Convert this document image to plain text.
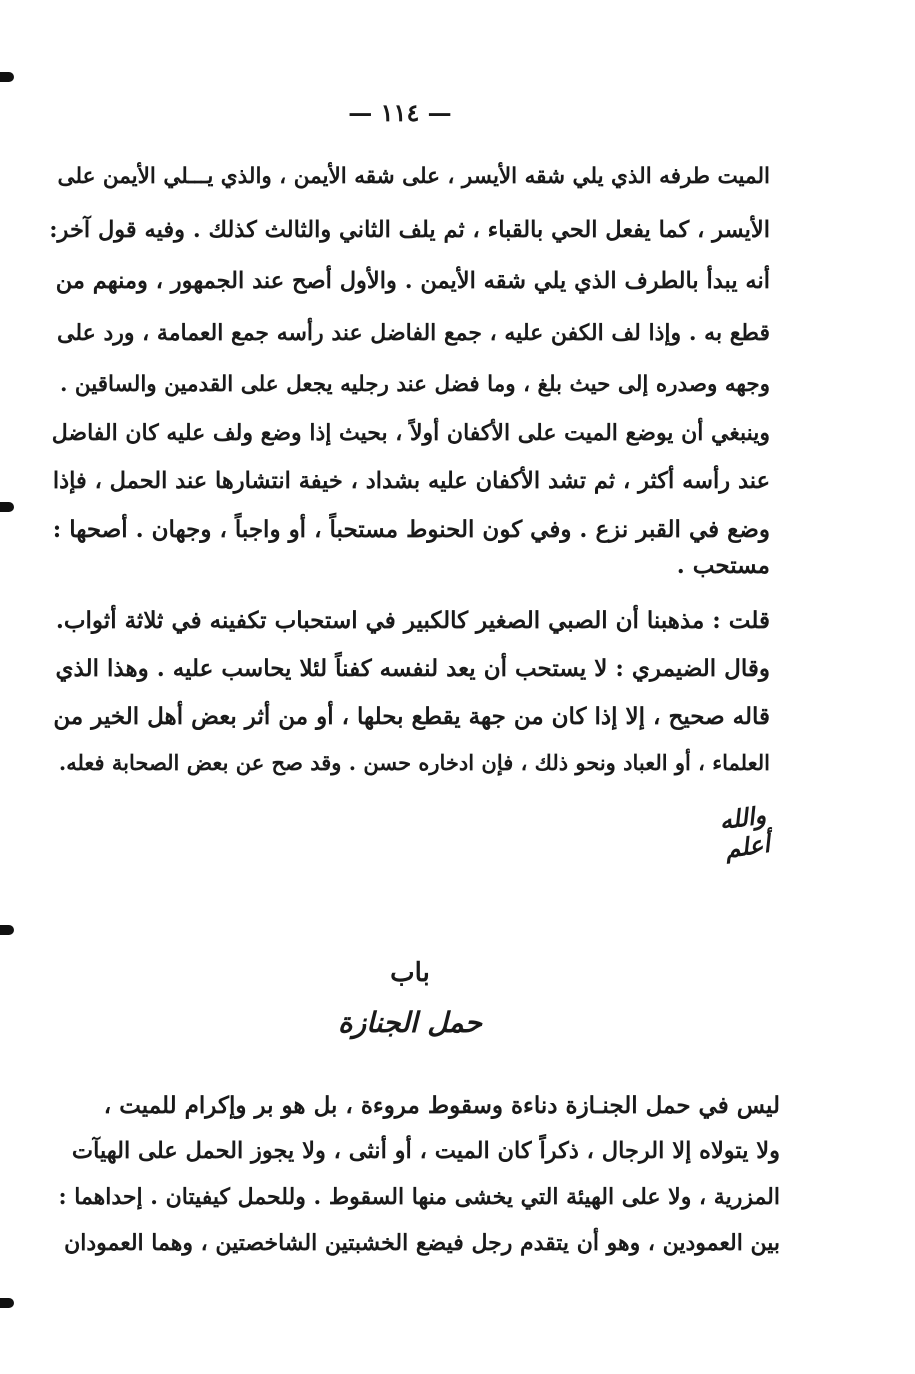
— ١١٤ —
الميت طرفه الذي يلي شقه الأيسر ، على شقه الأيمن ، والذي يـــلي الأيمن على
الأيسر ، كما يفعل الحي بالقباء ، ثم يلف الثاني والثالث كذلك . وفيه قول آخر:
أنه يبدأ بالطرف الذي يلي شقه الأيمن . والأول أصح عند الجمهور ، ومنهم من
قطع به . وإذا لف الكفن عليه ، جمع الفاضل عند رأسه جمع العمامة ، ورد على
وجهه وصدره إلى حيث بلغ ، وما فضل عند رجليه يجعل على القدمين والساقين .
وينبغي أن يوضع الميت على الأكفان أولاً ، بحيث إذا وضع ولف عليه كان الفاضل
عند رأسه أكثر ، ثم تشد الأكفان عليه بشداد ، خيفة انتشارها عند الحمل ، فإذا
وضع في القبر نزع . وفي كون الحنوط مستحباً ، أو واجباً ، وجهان . أصحها :
مستحب .
قلت : مذهبنا أن الصبي الصغير كالكبير في استحباب تكفينه في ثلاثة أثواب.
وقال الضيمري : لا يستحب أن يعد لنفسه كفناً لئلا يحاسب عليه . وهذا الذي
قاله صحيح ، إلا إذا كان من جهة يقطع بحلها ، أو من أثر بعض أهل الخير من
العلماء ، أو العباد ونحو ذلك ، فإن ادخاره حسن . وقد صح عن بعض الصحابة فعله.
والله أعلم
باب
حمل الجنازة
ليس في حمل الجنـازة دناءة وسقوط مروءة ، بل هو بر وإكرام للميت ،
ولا يتولاه إلا الرجال ، ذكراً كان الميت ، أو أنثى ، ولا يجوز الحمل على الهيآت
المزرية ، ولا على الهيئة التي يخشى منها السقوط . وللحمل كيفيتان . إحداهما :
بين العمودين ، وهو أن يتقدم رجل فيضع الخشبتين الشاخصتين ، وهما العمودان
